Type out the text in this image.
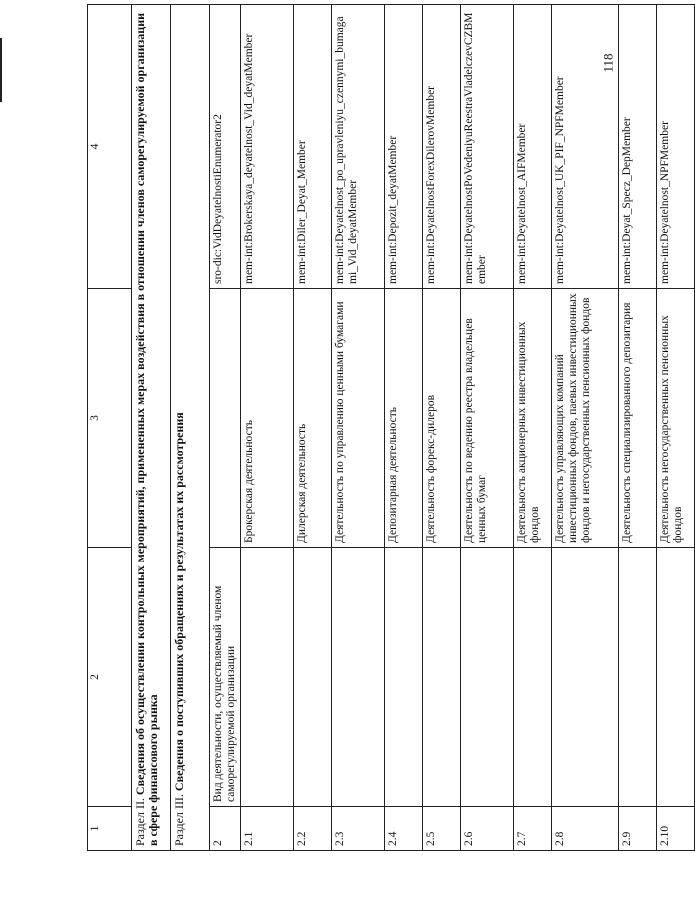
118
1	2	3	4
Раздел II. Сведения об осуществлении контрольных мероприятий, примененных мерах воздействия в отношении членов саморегулируемой организации в сфере финансового рынка			
Раздел III. Сведения о поступивших обращениях и результатах их рассмотрения			
2	Вид деятельности, осуществляемый членом саморегулируемой организации		sro-dic:VidDeyatelnostiEnumerator2
2.1		Брокерская деятельность	mem-int:Brokerskaya_deyatelnost_Vid_deyatMember
2.2		Дилерская деятельность	mem-int:Diler_Deyat_Member
2.3		Деятельность по управлению ценными бумагами	mem-int:Deyatelnost_po_upravleniyu_czennymi_bumagami_Vid_deyatMember
2.4		Депозитарная деятельность	mem-int:Depozit_deyatMember
2.5		Деятельность форекс-дилеров	mem-int:DeyatelnostForexDilerovMember
2.6		Деятельность по ведению реестра владельцев ценных бумаг	mem-int:DeyatelnostPoVedeniyuReestraVladelczevCZBMember
2.7		Деятельность акционерных инвестиционных фондов	mem-int:Deyatelnost_AIFMember
2.8		Деятельность управляющих компаний инвестиционных фондов, паевых инвестиционных фондов и негосударственных пенсионных фондов	mem-int:Deyatelnost_UK_PIF_NPFMember
2.9		Деятельность специализированного депозитария	mem-int:Deyat_Specz_DepMember
2.10		Деятельность негосударственных пенсионных фондов	mem-int:Deyatelnost_NPFMember
